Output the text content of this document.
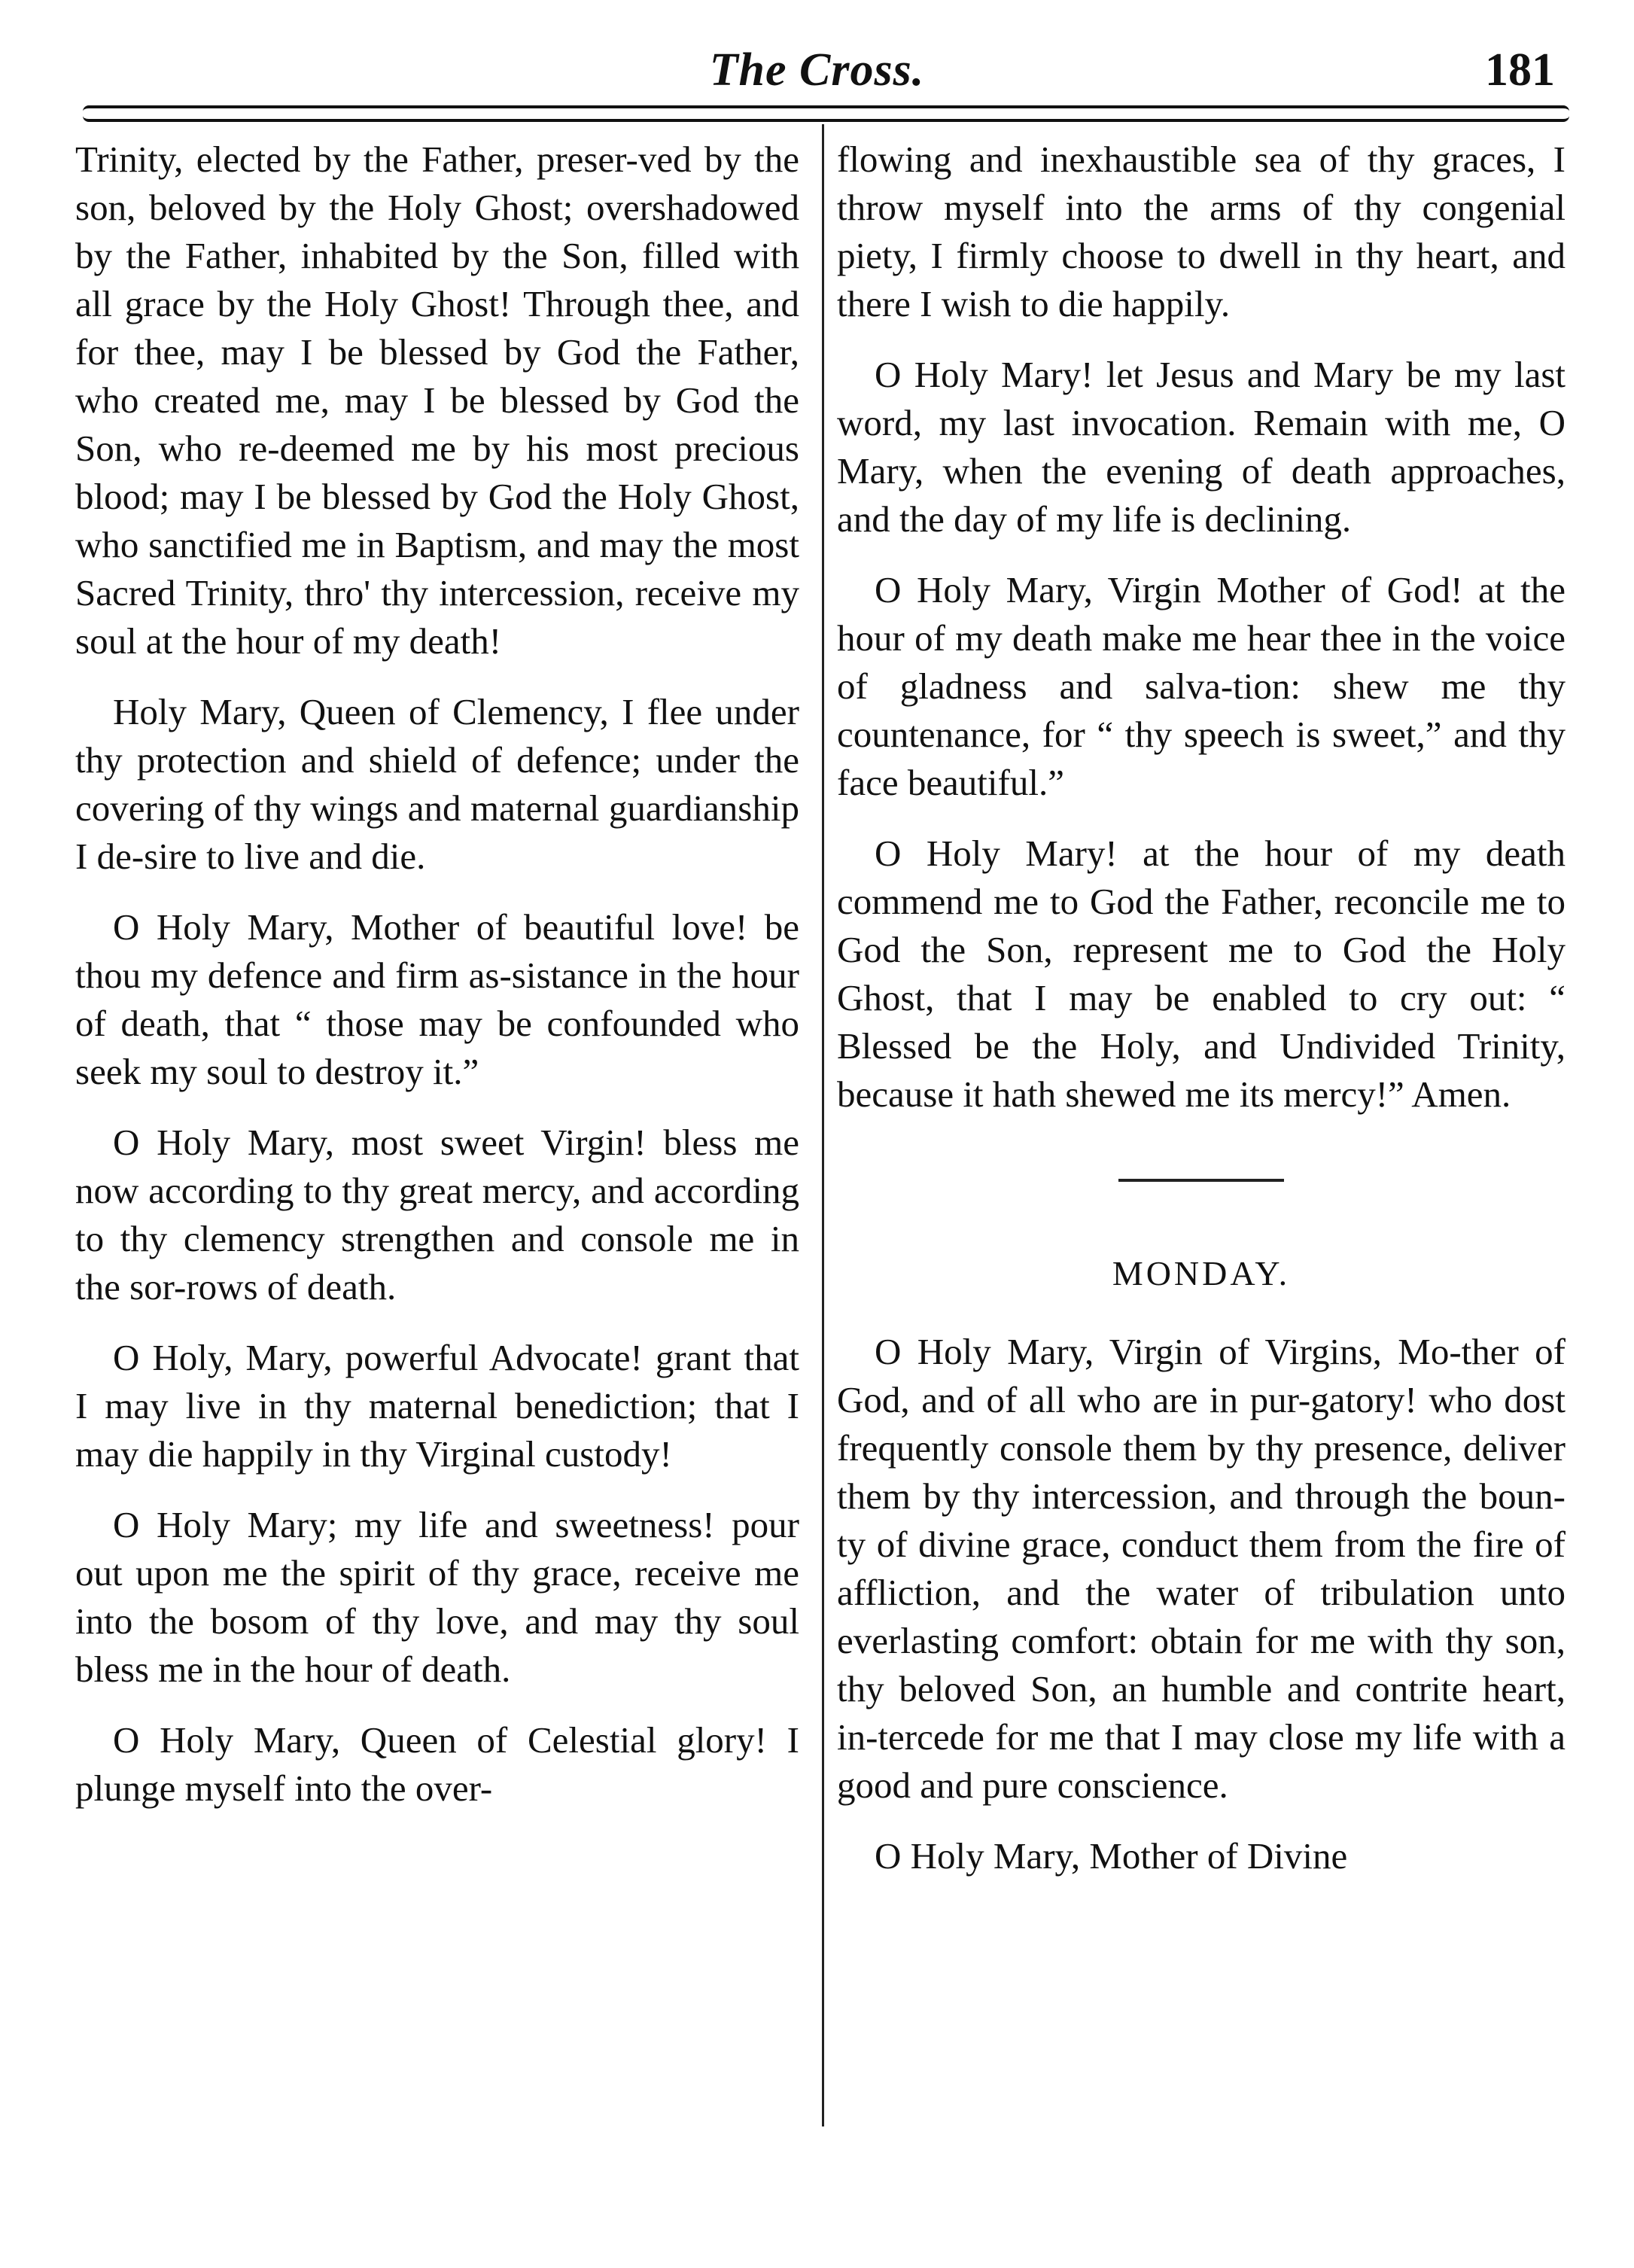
The Cross.	181

Trinity, elected by the Father, preser-ved by the son, beloved by the Holy Ghost; overshadowed by the Father, inhabited by the Son, filled with all grace by the Holy Ghost! Through thee, and for thee, may I be blessed by God the Father, who created me, may I be blessed by God the Son, who re-deemed me by his most precious blood; may I be blessed by God the Holy Ghost, who sanctified me in Baptism, and may the most Sacred Trinity, thro' thy intercession, receive my soul at the hour of my death!

Holy Mary, Queen of Clemency, I flee under thy protection and shield of defence; under the covering of thy wings and maternal guardianship I de-sire to live and die.

O Holy Mary, Mother of beautiful love! be thou my defence and firm as-sistance in the hour of death, that “ those may be confounded who seek my soul to destroy it.”

O Holy Mary, most sweet Virgin! bless me now according to thy great mercy, and according to thy clemency strengthen and console me in the sor-rows of death.

O Holy, Mary, powerful Advocate! grant that I may live in thy maternal benediction; that I may die happily in thy Virginal custody!

O Holy Mary; my life and sweetness! pour out upon me the spirit of thy grace, receive me into the bosom of thy love, and may thy soul bless me in the hour of death.

O Holy Mary, Queen of Celestial glory! I plunge myself into the over-

flowing and inexhaustible sea of thy graces, I throw myself into the arms of thy congenial piety, I firmly choose to dwell in thy heart, and there I wish to die happily.

O Holy Mary! let Jesus and Mary be my last word, my last invocation. Remain with me, O Mary, when the evening of death approaches, and the day of my life is declining.

O Holy Mary, Virgin Mother of God! at the hour of my death make me hear thee in the voice of gladness and salva-tion: shew me thy countenance, for “ thy speech is sweet,” and thy face beautiful.”

O Holy Mary! at the hour of my death commend me to God the Father, reconcile me to God the Son, represent me to God the Holy Ghost, that I may be enabled to cry out: “ Blessed be the Holy, and Undivided Trinity, because it hath shewed me its mercy!” Amen.

MONDAY.

O Holy Mary, Virgin of Virgins, Mo-ther of God, and of all who are in pur-gatory! who dost frequently console them by thy presence, deliver them by thy intercession, and through the boun-ty of divine grace, conduct them from the fire of affliction, and the water of tribulation unto everlasting comfort: obtain for me with thy son, thy beloved Son, an humble and contrite heart, in-tercede for me that I may close my life with a good and pure conscience.

O Holy Mary, Mother of Divine
